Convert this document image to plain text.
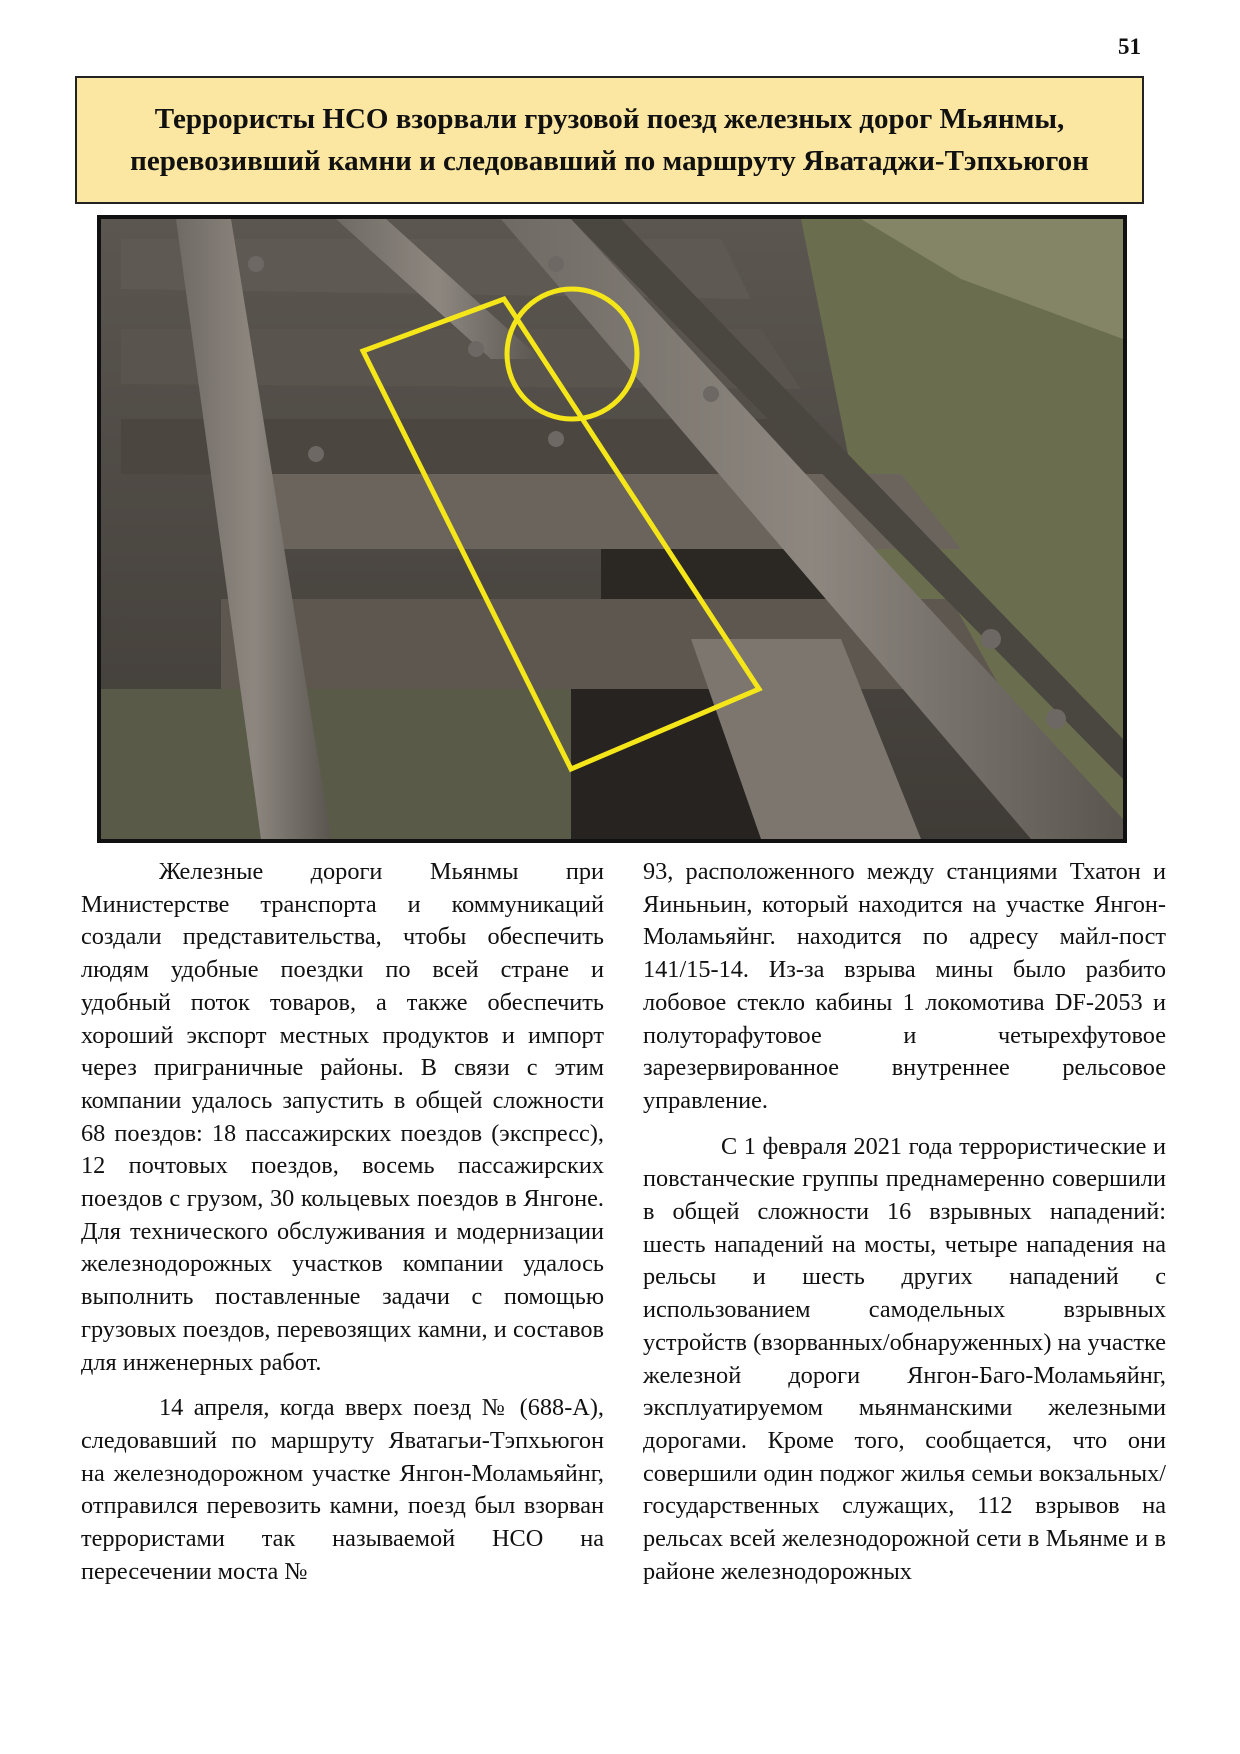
51
Террористы НСО взорвали грузовой поезд железных дорог Мьянмы, перевозивший камни и следовавший по маршруту Яватаджи-Тэпхьюгон

Железные дороги Мьянмы при Министерстве транспорта и коммуникаций создали представительства, чтобы обеспечить людям удобные поездки по всей стране и удобный поток товаров, а также обеспечить хороший экспорт местных продуктов и импорт через приграничные районы. В связи с этим компании удалось запустить в общей сложности 68 поездов: 18 пассажирских поездов (экспресс), 12 почтовых поездов, восемь пассажирских поездов с грузом, 30 кольцевых поездов в Янгоне. Для технического обслуживания и модернизации железнодорожных участков компании удалось выполнить поставленные задачи с помощью грузовых поездов, перевозящих камни, и составов для инженерных работ.

14 апреля, когда вверх поезд № (688-А), следовавший по маршруту Яватагьи-Тэпхьюгон на железнодорожном участке Янгон-Моламьяйнг, отправился перевозить камни, поезд был взорван террористами так называемой НСО на пересечении моста №

93, расположенного между станциями Тхатон и Яиньньин, который находится на участке Янгон-Моламьяйнг. находится по адресу майл-пост 141/15-14. Из-за взрыва мины было разбито лобовое стекло кабины 1 локомотива DF-2053 и полуторафутовое и четырехфутовое зарезервированное внутреннее рельсовое управление.

С 1 февраля 2021 года террористические и повстанческие группы преднамеренно совершили в общей сложности 16 взрывных нападений: шесть нападений на мосты, четыре нападения на рельсы и шесть других нападений с использованием самодельных взрывных устройств (взорванных/обнаруженных) на участке железной дороги Янгон-Баго-Моламьяйнг, эксплуатируемом мьянманскими железными дорогами. Кроме того, сообщается, что они совершили один поджог жилья семьи вокзальных/ государственных служащих, 112 взрывов на рельсах всей железнодорожной сети в Мьянме и в районе железнодорожных
